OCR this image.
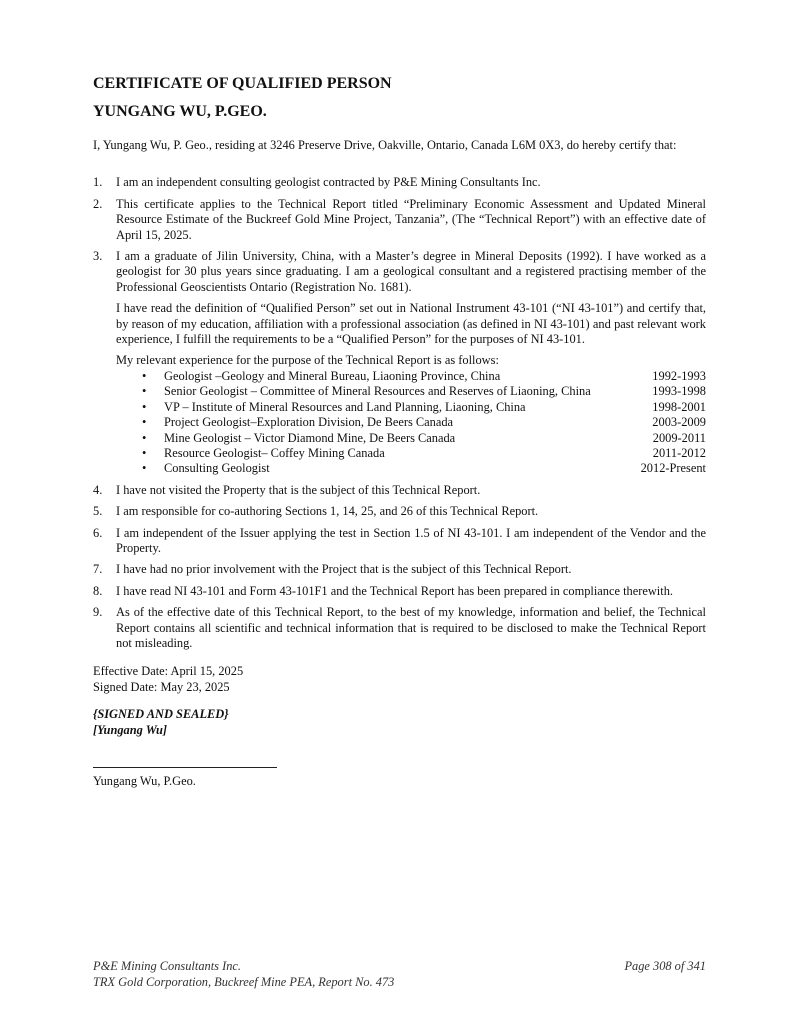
CERTIFICATE OF QUALIFIED PERSON
YUNGANG WU, P.GEO.
I, Yungang Wu, P. Geo., residing at 3246 Preserve Drive, Oakville, Ontario, Canada L6M 0X3, do hereby certify that:
1. I am an independent consulting geologist contracted by P&E Mining Consultants Inc.
2. This certificate applies to the Technical Report titled “Preliminary Economic Assessment and Updated Mineral Resource Estimate of the Buckreef Gold Mine Project, Tanzania”, (The “Technical Report”) with an effective date of April 15, 2025.
3. I am a graduate of Jilin University, China, with a Master’s degree in Mineral Deposits (1992). I have worked as a geologist for 30 plus years since graduating. I am a geological consultant and a registered practising member of the Professional Geoscientists Ontario (Registration No. 1681).
I have read the definition of “Qualified Person” set out in National Instrument 43-101 (“NI 43-101”) and certify that, by reason of my education, affiliation with a professional association (as defined in NI 43-101) and past relevant work experience, I fulfill the requirements to be a “Qualified Person” for the purposes of NI 43-101.
My relevant experience for the purpose of the Technical Report is as follows:
• Geologist –Geology and Mineral Bureau, Liaoning Province, China	1992-1993
• Senior Geologist – Committee of Mineral Resources and Reserves of Liaoning, China	1993-1998
• VP – Institute of Mineral Resources and Land Planning, Liaoning, China	1998-2001
• Project Geologist–Exploration Division, De Beers Canada	2003-2009
• Mine Geologist – Victor Diamond Mine, De Beers Canada	2009-2011
• Resource Geologist– Coffey Mining Canada	2011-2012
• Consulting Geologist	2012-Present
4. I have not visited the Property that is the subject of this Technical Report.
5. I am responsible for co-authoring Sections 1, 14, 25, and 26 of this Technical Report.
6. I am independent of the Issuer applying the test in Section 1.5 of NI 43-101. I am independent of the Vendor and the Property.
7. I have had no prior involvement with the Project that is the subject of this Technical Report.
8. I have read NI 43-101 and Form 43-101F1 and the Technical Report has been prepared in compliance therewith.
9. As of the effective date of this Technical Report, to the best of my knowledge, information and belief, the Technical Report contains all scientific and technical information that is required to be disclosed to make the Technical Report not misleading.
Effective Date: April 15, 2025
Signed Date: May 23, 2025
{SIGNED AND SEALED}
[Yungang Wu]
Yungang Wu, P.Geo.
P&E Mining Consultants Inc.	Page 308 of 341
TRX Gold Corporation, Buckreef Mine PEA, Report No. 473
